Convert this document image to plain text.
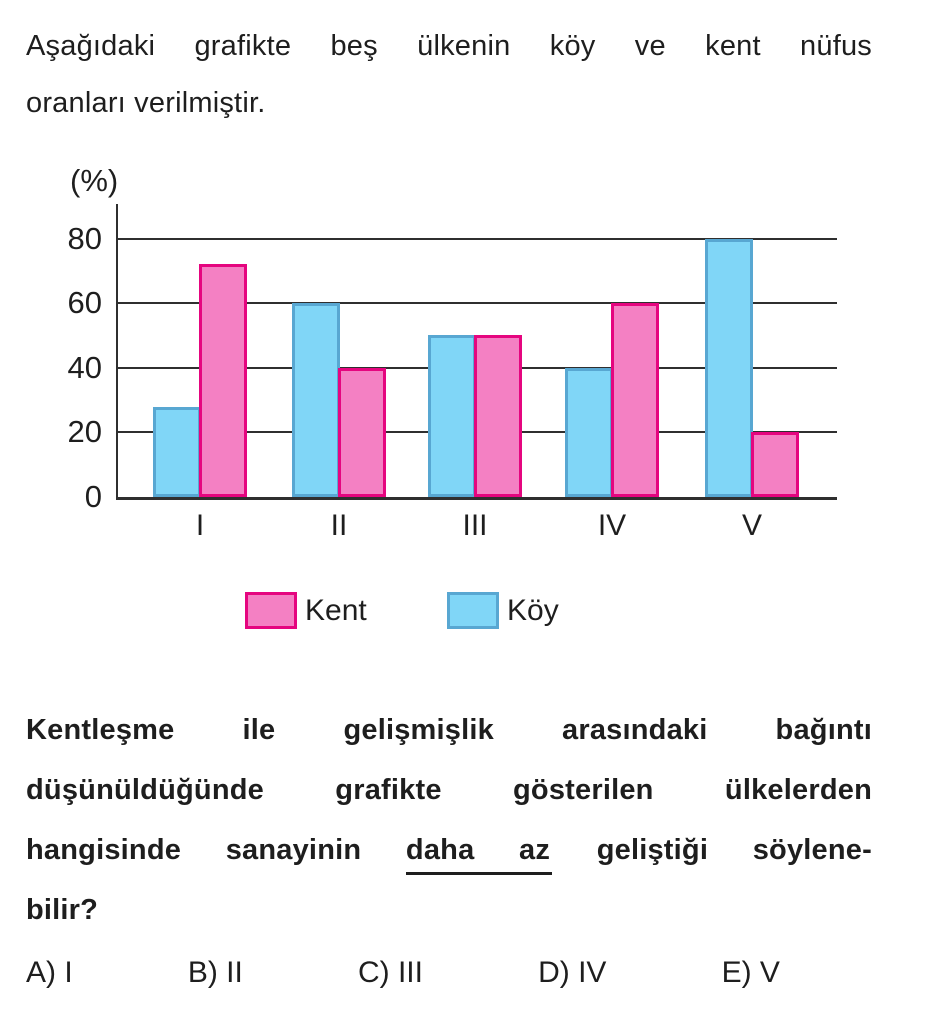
Aşağıdaki grafikte beş ülkenin köy ve kent nüfus
oranları verilmiştir.
(%)
0
20
40
60
80
I	II	III	IV	V
Kent	Köy
Kentleşme ile gelişmişlik arasındaki bağıntı
düşünüldüğünde grafikte gösterilen ülkelerden
hangisinde sanayinin daha az geliştiği söylene-
bilir?
A) I	B) II	C) III	D) IV	E) V
